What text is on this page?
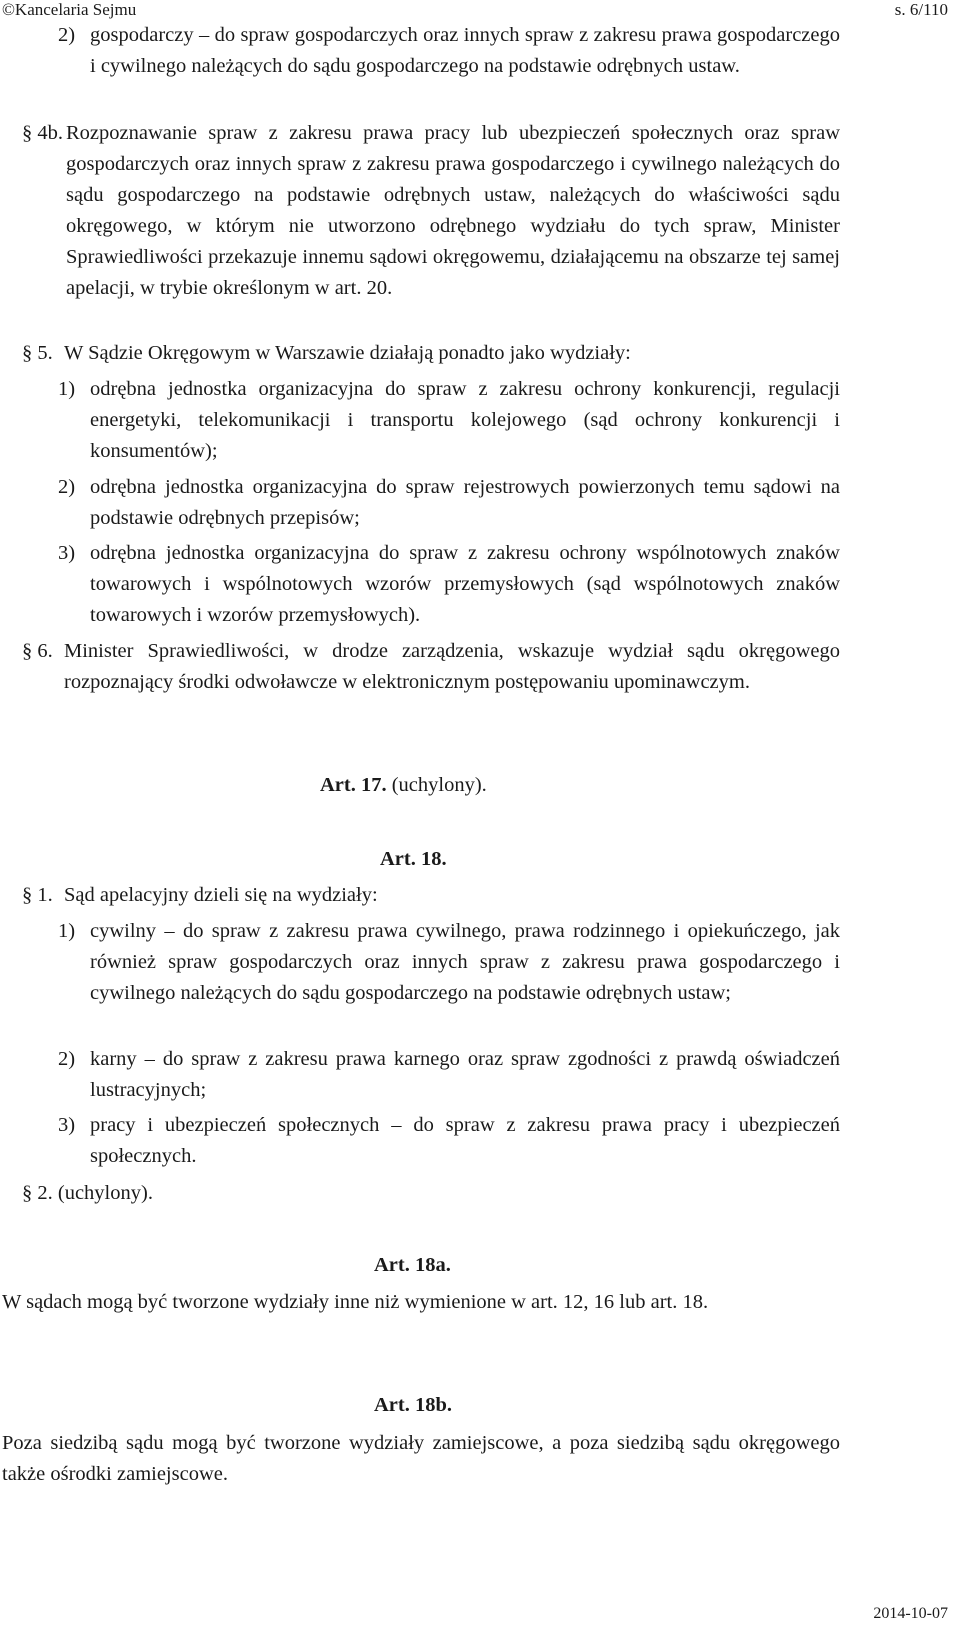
©Kancelaria Sejmu	s. 6/110
2) gospodarczy – do spraw gospodarczych oraz innych spraw z zakresu prawa gospodarczego i cywilnego należących do sądu gospodarczego na podstawie odrębnych ustaw.
§ 4b. Rozpoznawanie spraw z zakresu prawa pracy lub ubezpieczeń społecznych oraz spraw gospodarczych oraz innych spraw z zakresu prawa gospodarczego i cywilnego należących do sądu gospodarczego na podstawie odrębnych ustaw, należących do właściwości sądu okręgowego, w którym nie utworzono odrębnego wydziału do tych spraw, Minister Sprawiedliwości przekazuje innemu sądowi okręgowemu, działającemu na obszarze tej samej apelacji, w trybie określonym w art. 20.
§ 5. W Sądzie Okręgowym w Warszawie działają ponadto jako wydziały:
1) odrębna jednostka organizacyjna do spraw z zakresu ochrony konkurencji, regulacji energetyki, telekomunikacji i transportu kolejowego (sąd ochrony konkurencji i konsumentów);
2) odrębna jednostka organizacyjna do spraw rejestrowych powierzonych temu sądowi na podstawie odrębnych przepisów;
3) odrębna jednostka organizacyjna do spraw z zakresu ochrony wspólnotowych znaków towarowych i wspólnotowych wzorów przemysłowych (sąd wspólnotowych znaków towarowych i wzorów przemysłowych).
§ 6. Minister Sprawiedliwości, w drodze zarządzenia, wskazuje wydział sądu okręgowego rozpoznający środki odwoławcze w elektronicznym postępowaniu upominawczym.
Art. 17. (uchylony).
Art. 18.
§ 1. Sąd apelacyjny dzieli się na wydziały:
1) cywilny – do spraw z zakresu prawa cywilnego, prawa rodzinnego i opiekuńczego, jak również spraw gospodarczych oraz innych spraw z zakresu prawa gospodarczego i cywilnego należących do sądu gospodarczego na podstawie odrębnych ustaw;
2) karny – do spraw z zakresu prawa karnego oraz spraw zgodności z prawdą oświadczeń lustracyjnych;
3) pracy i ubezpieczeń społecznych – do spraw z zakresu prawa pracy i ubezpieczeń społecznych.
§ 2. (uchylony).
Art. 18a.
W sądach mogą być tworzone wydziały inne niż wymienione w art. 12, 16 lub art. 18.
Art. 18b.
Poza siedzibą sądu mogą być tworzone wydziały zamiejscowe, a poza siedzibą sądu okręgowego także ośrodki zamiejscowe.
2014-10-07
